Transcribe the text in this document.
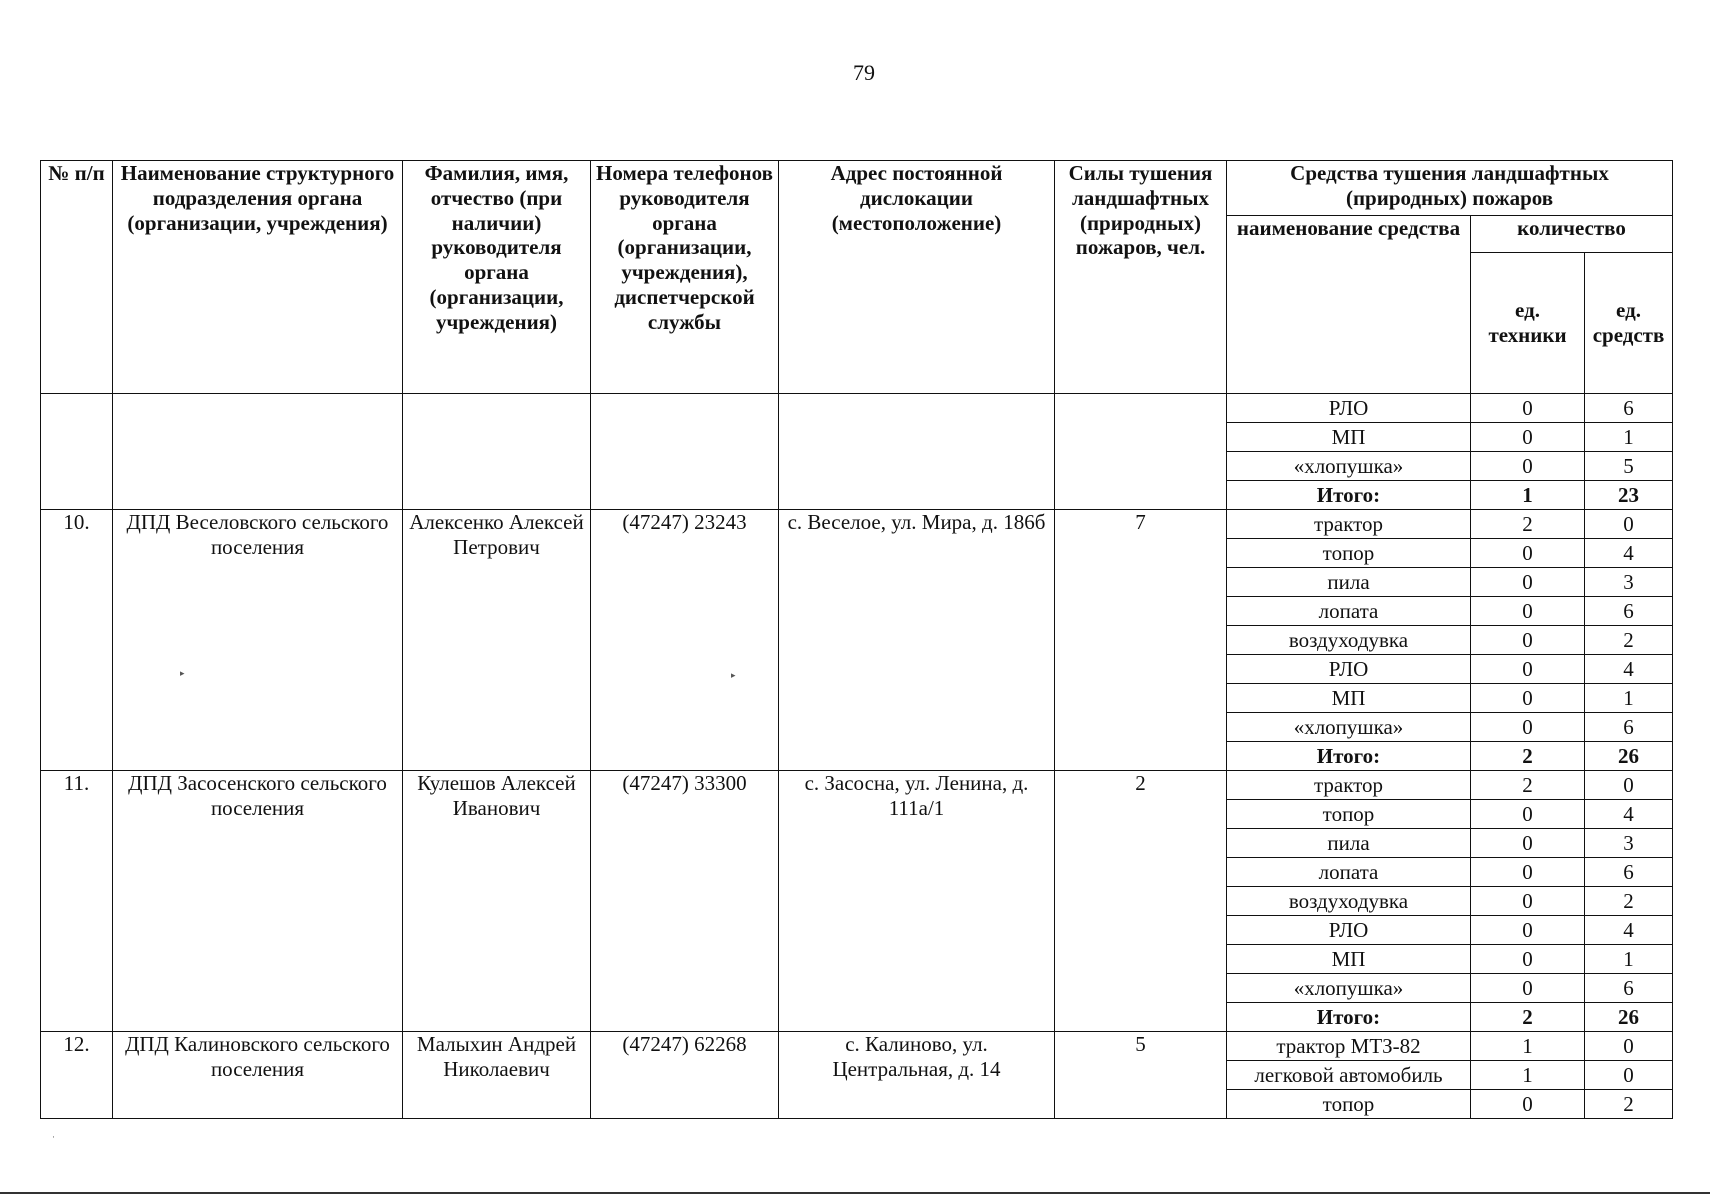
79
№ п/п	Наименование структурного подразделения органа (организации, учреждения)	Фамилия, имя, отчество (при наличии) руководителя органа (организации, учреждения)	Номера телефонов руководителя органа (организации, учреждения), диспетчерской службы	Адрес постоянной дислокации (местоположение)	Силы тушения ландшафтных (природных) пожаров, чел.	Средства тушения ландшафтных (природных) пожаров		
						наименование средства	количество	
							ед. техники	ед. средств
						РЛО	0	6
						МП	0	1
						«хлопушка»	0	5
						Итого:	1	23
10.	ДПД Веселовского сельского поселения	Алексенко Алексей Петрович	(47247) 23243	с. Веселое, ул. Мира, д. 186б	7	трактор	2	0
						топор	0	4
						пила	0	3
						лопата	0	6
						воздуходувка	0	2
						РЛО	0	4
						МП	0	1
						«хлопушка»	0	6
						Итого:	2	26
11.	ДПД Засосенского сельского поселения	Кулешов Алексей Иванович	(47247) 33300	с. Засосна, ул. Ленина, д. 111а/1	2	трактор	2	0
						топор	0	4
						пила	0	3
						лопата	0	6
						воздуходувка	0	2
						РЛО	0	4
						МП	0	1
						«хлопушка»	0	6
						Итого:	2	26
12.	ДПД Калиновского сельского поселения	Малыхин Андрей Николаевич	(47247) 62268	с. Калиново, ул. Центральная, д. 14	5	трактор МТЗ-82	1	0
						легковой автомобиль	1	0
						топор	0	2
▸	▸
·
